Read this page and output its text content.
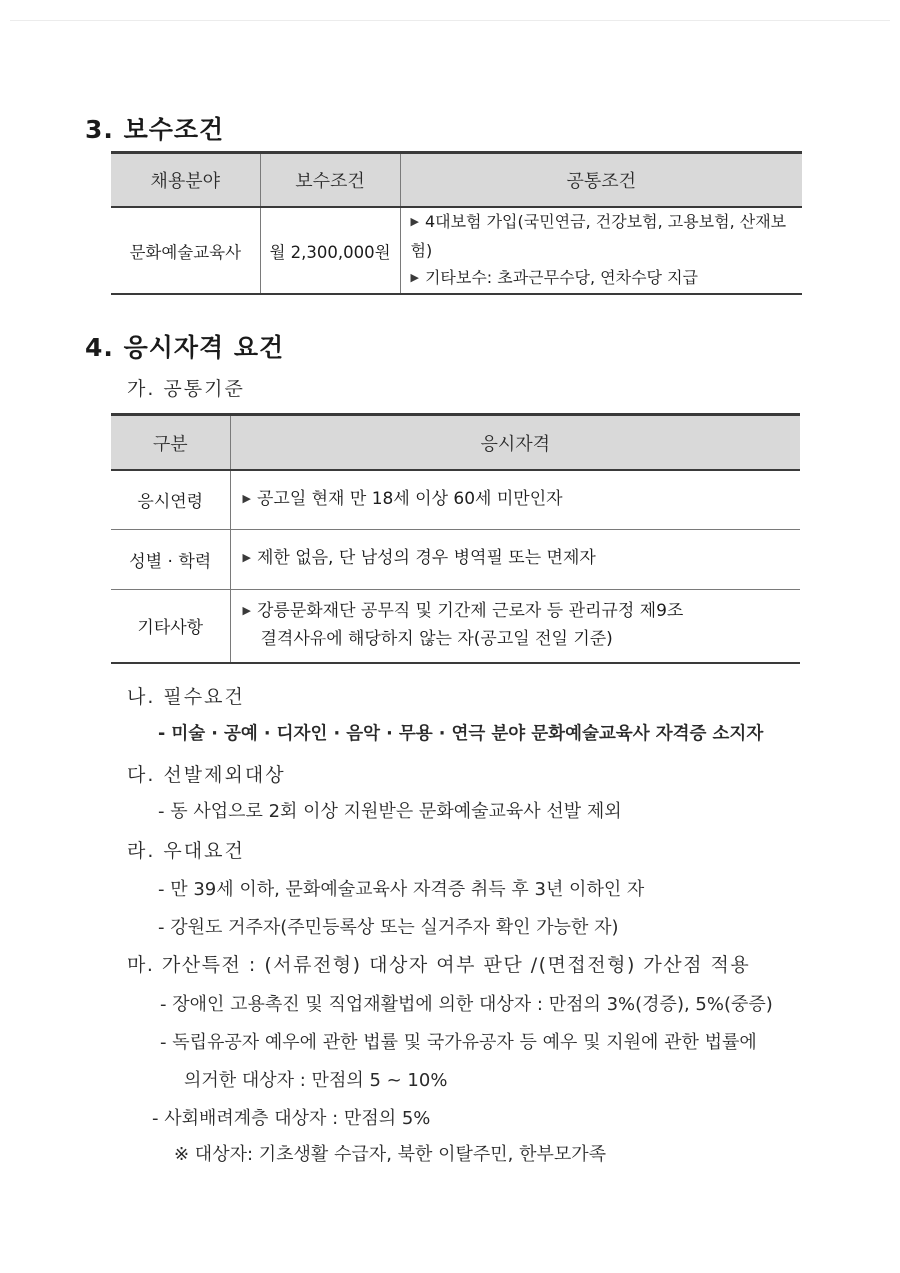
3. 보수조건
채용분야	보수조건	공통조건
문화예술교육사	월 2,300,000원	▶ 4대보험 가입(국민연금, 건강보험, 고용보험, 산재보험)
▶ 기타보수: 초과근무수당, 연차수당 지급
4. 응시자격 요건
가. 공통기준
구분	응시자격
응시연령	▶ 공고일 현재 만 18세 이상 60세 미만인자
성별 · 학력	▶ 제한 없음, 단 남성의 경우 병역필 또는 면제자
기타사항	▶ 강릉문화재단 공무직 및 기간제 근로자 등 관리규정 제9조
결격사유에 해당하지 않는 자(공고일 전일 기준)
나. 필수요건
- 미술 · 공예 · 디자인 · 음악 · 무용 · 연극 분야 문화예술교육사 자격증 소지자
다. 선발제외대상
- 동 사업으로 2회 이상 지원받은 문화예술교육사 선발 제외
라. 우대요건
- 만 39세 이하, 문화예술교육사 자격증 취득 후 3년 이하인 자
- 강원도 거주자(주민등록상 또는 실거주자 확인 가능한 자)
마. 가산특전 : (서류전형) 대상자 여부 판단 /(면접전형) 가산점 적용
- 장애인 고용촉진 및 직업재활법에 의한 대상자 : 만점의 3%(경증), 5%(중증)
- 독립유공자 예우에 관한 법률 및 국가유공자 등 예우 및 지원에 관한 법률에
의거한 대상자 : 만점의 5 ~ 10%
- 사회배려계층 대상자 : 만점의 5%
※ 대상자: 기초생활 수급자, 북한 이탈주민, 한부모가족
